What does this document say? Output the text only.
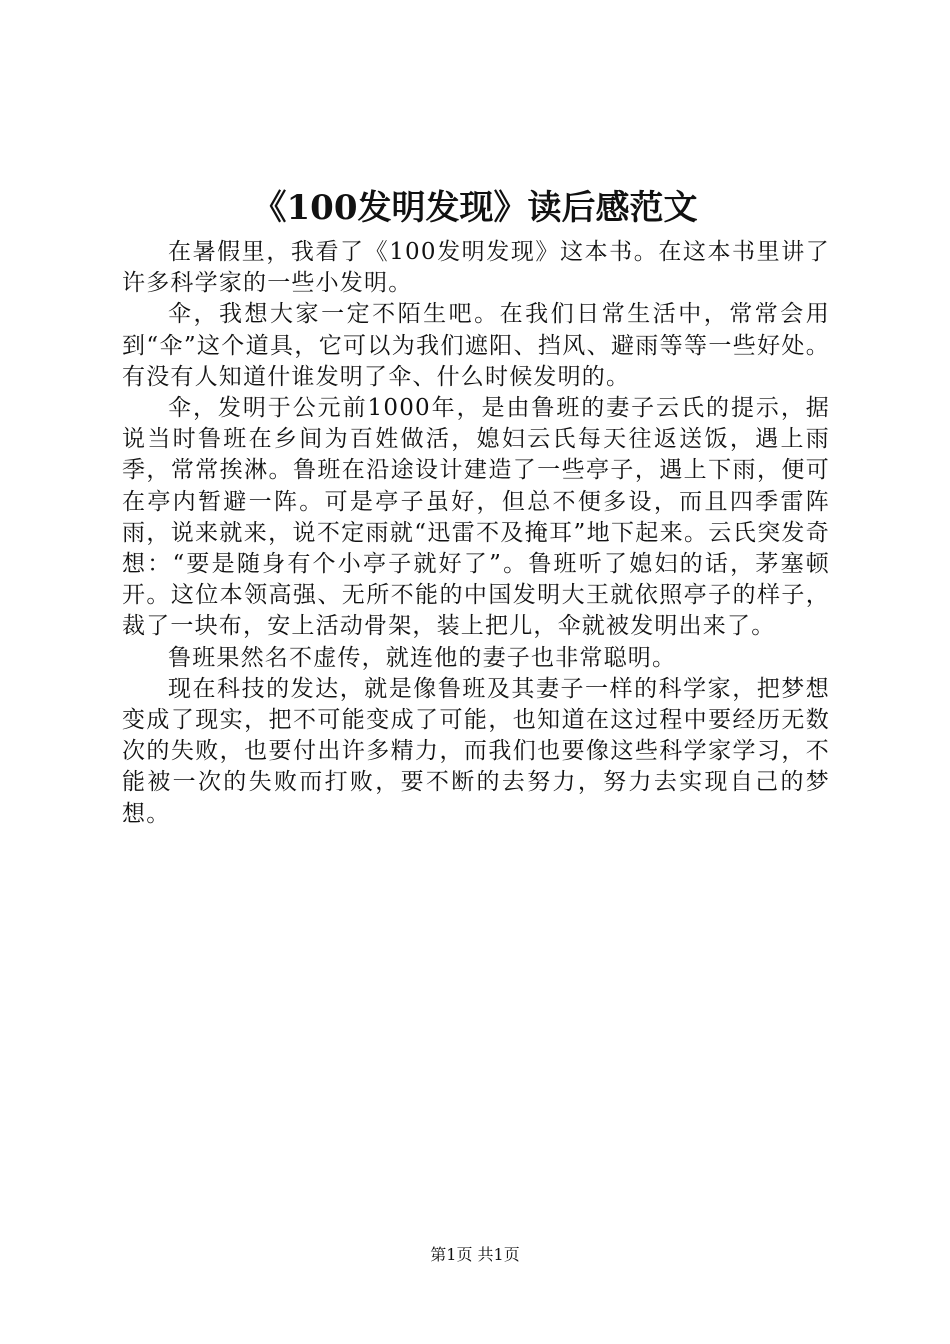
《100发明发现》读后感范文

在暑假里，我看了《100发明发现》这本书。在这本书里讲了许多科学家的一些小发明。

伞，我想大家一定不陌生吧。在我们日常生活中，常常会用到“伞”这个道具，它可以为我们遮阳、挡风、避雨等等一些好处。有没有人知道什谁发明了伞、什么时候发明的。

伞，发明于公元前1000年，是由鲁班的妻子云氏的提示，据说当时鲁班在乡间为百姓做活，媳妇云氏每天往返送饭，遇上雨季，常常挨淋。鲁班在沿途设计建造了一些亭子，遇上下雨，便可在亭内暂避一阵。可是亭子虽好，但总不便多设，而且四季雷阵雨，说来就来，说不定雨就“迅雷不及掩耳”地下起来。云氏突发奇想：“要是随身有个小亭子就好了”。鲁班听了媳妇的话，茅塞顿开。这位本领高强、无所不能的中国发明大王就依照亭子的样子，裁了一块布，安上活动骨架，装上把儿，伞就被发明出来了。

鲁班果然名不虚传，就连他的妻子也非常聪明。

现在科技的发达，就是像鲁班及其妻子一样的科学家，把梦想变成了现实，把不可能变成了可能，也知道在这过程中要经历无数次的失败，也要付出许多精力，而我们也要像这些科学家学习，不能被一次的失败而打败，要不断的去努力，努力去实现自己的梦想。

第1页 共1页
